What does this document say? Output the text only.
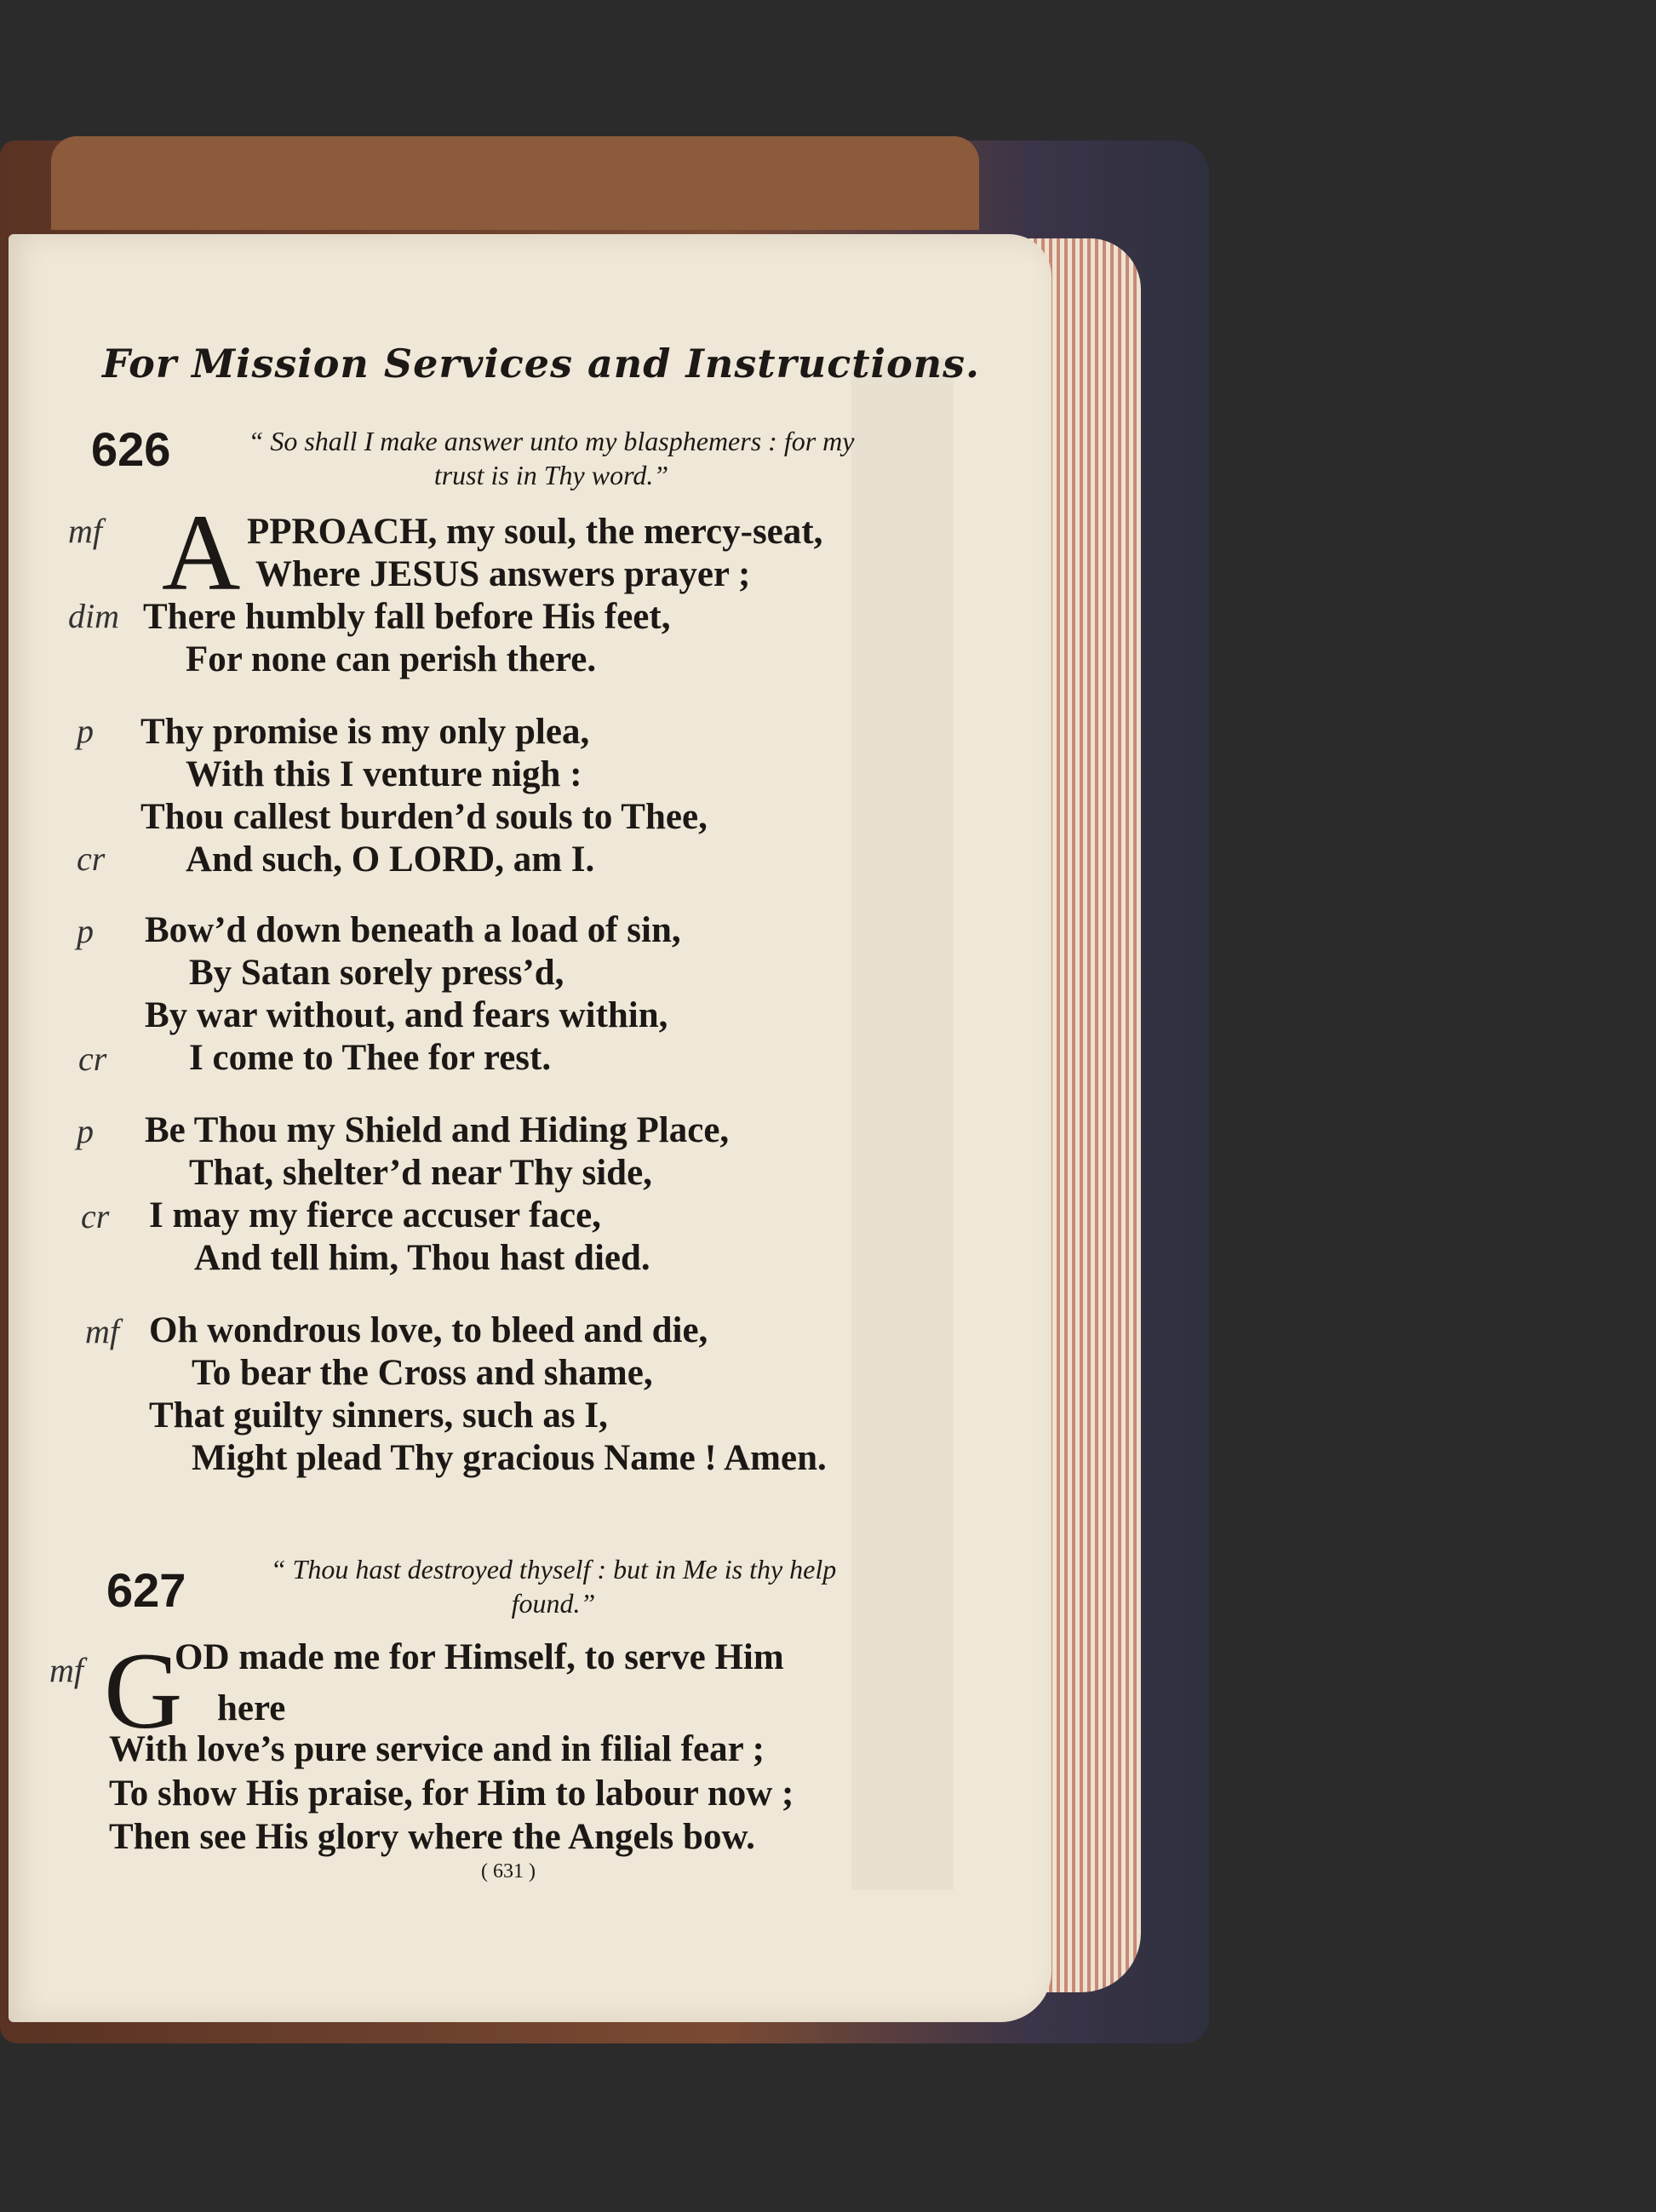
For Mission Services and Instructions.
626	“ So shall I make answer unto my blasphemers : for my
trust is in Thy word.”
A
mf	PPROACH, my soul, the mercy-seat,
Where JESUS answers prayer ;
dim There humbly fall before His feet,
For none can perish there.
p Thy promise is my only plea,
With this I venture nigh :
Thou callest burden’d souls to Thee,
cr And such, O LORD, am I.
p Bow’d down beneath a load of sin,
By Satan sorely press’d,
By war without, and fears within,
cr I come to Thee for rest.
p Be Thou my Shield and Hiding Place,
That, shelter’d near Thy side,
cr I may my fierce accuser face,
And tell him, Thou hast died.
mf Oh wondrous love, to bleed and die,
To bear the Cross and shame,
That guilty sinners, such as I,
Might plead Thy gracious Name ! Amen.
627	“ Thou hast destroyed thyself : but in Me is thy help
found.”
G
mf OD made me for Himself, to serve Him
here
With love’s pure service and in filial fear ;
To show His praise, for Him to labour now ;
Then see His glory where the Angels bow.
( 631 )
